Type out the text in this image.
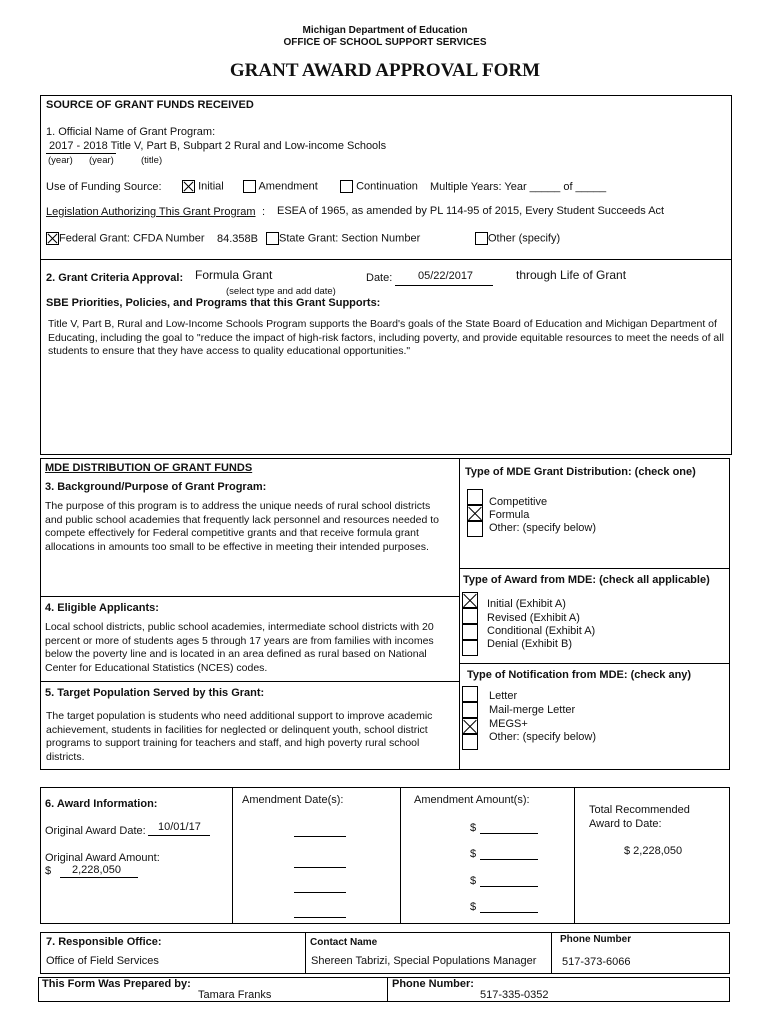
Michigan Department of Education
OFFICE OF SCHOOL SUPPORT SERVICES
GRANT AWARD APPROVAL FORM
SOURCE OF GRANT FUNDS RECEIVED
1. Official Name of Grant Program:
2017 - 2018 Title V, Part B, Subpart 2 Rural and Low-income Schools
(year) (year)	(title)
Use of Funding Source:	Initial	Amendment	Continuation Multiple Years: Year _____ of _____
Legislation Authorizing This Grant Program : ESEA of 1965, as amended by PL 114-95 of 2015, Every Student Succeeds Act
Federal Grant: CFDA Number 84.358B	State Grant: Section Number	Other (specify)
2. Grant Criteria Approval: Formula Grant	Date: 05/22/2017	through Life of Grant
(select type and add date)
SBE Priorities, Policies, and Programs that this Grant Supports:
Title V, Part B, Rural and Low-Income Schools Program supports the Board's goals of the State Board of Education and Michigan Department of Educating, including the goal to "reduce the impact of high-risk factors, including poverty, and provide equitable resources to meet the needs of all students to ensure that they have access to quality educational opportunities."
MDE DISTRIBUTION OF GRANT FUNDS
3. Background/Purpose of Grant Program:
The purpose of this program is to address the unique needs of rural school districts and public school academies that frequently lack personnel and resources needed to compete effectively for Federal competitive grants and that receive formula grant allocations in amounts too small to be effective in meeting their intended purposes.
4. Eligible Applicants:
Local school districts, public school academies, intermediate school districts with 20 percent or more of students ages 5 through 17 years are from families with incomes below the poverty line and is located in an area defined as rural based on National Center for Educational Statistics (NCES) codes.
5. Target Population Served by this Grant:
The target population is students who need additional support to improve academic achievement, students in facilities for neglected or delinquent youth, school district programs to support training for teachers and staff, and high poverty rural school districts.
Type of MDE Grant Distribution: (check one)
Competitive
Formula
Other: (specify below)
Type of Award from MDE: (check all applicable)
Initial (Exhibit A)
Revised (Exhibit A)
Conditional (Exhibit A)
Denial (Exhibit B)
Type of Notification from MDE: (check any)
Letter
Mail-merge Letter
MEGS+
Other: (specify below)
6. Award Information:
Original Award Date: 10/01/17
Original Award Amount:
$ 2,228,050
Amendment Date(s):	Amendment Amount(s):
$
$
$
$
Total Recommended Award to Date:
$ 2,228,050
7. Responsible Office:
Office of Field Services
Contact Name
Shereen Tabrizi, Special Populations Manager
Phone Number
517-373-6066
This Form Was Prepared by:
Tamara Franks
Phone Number:
517-335-0352
